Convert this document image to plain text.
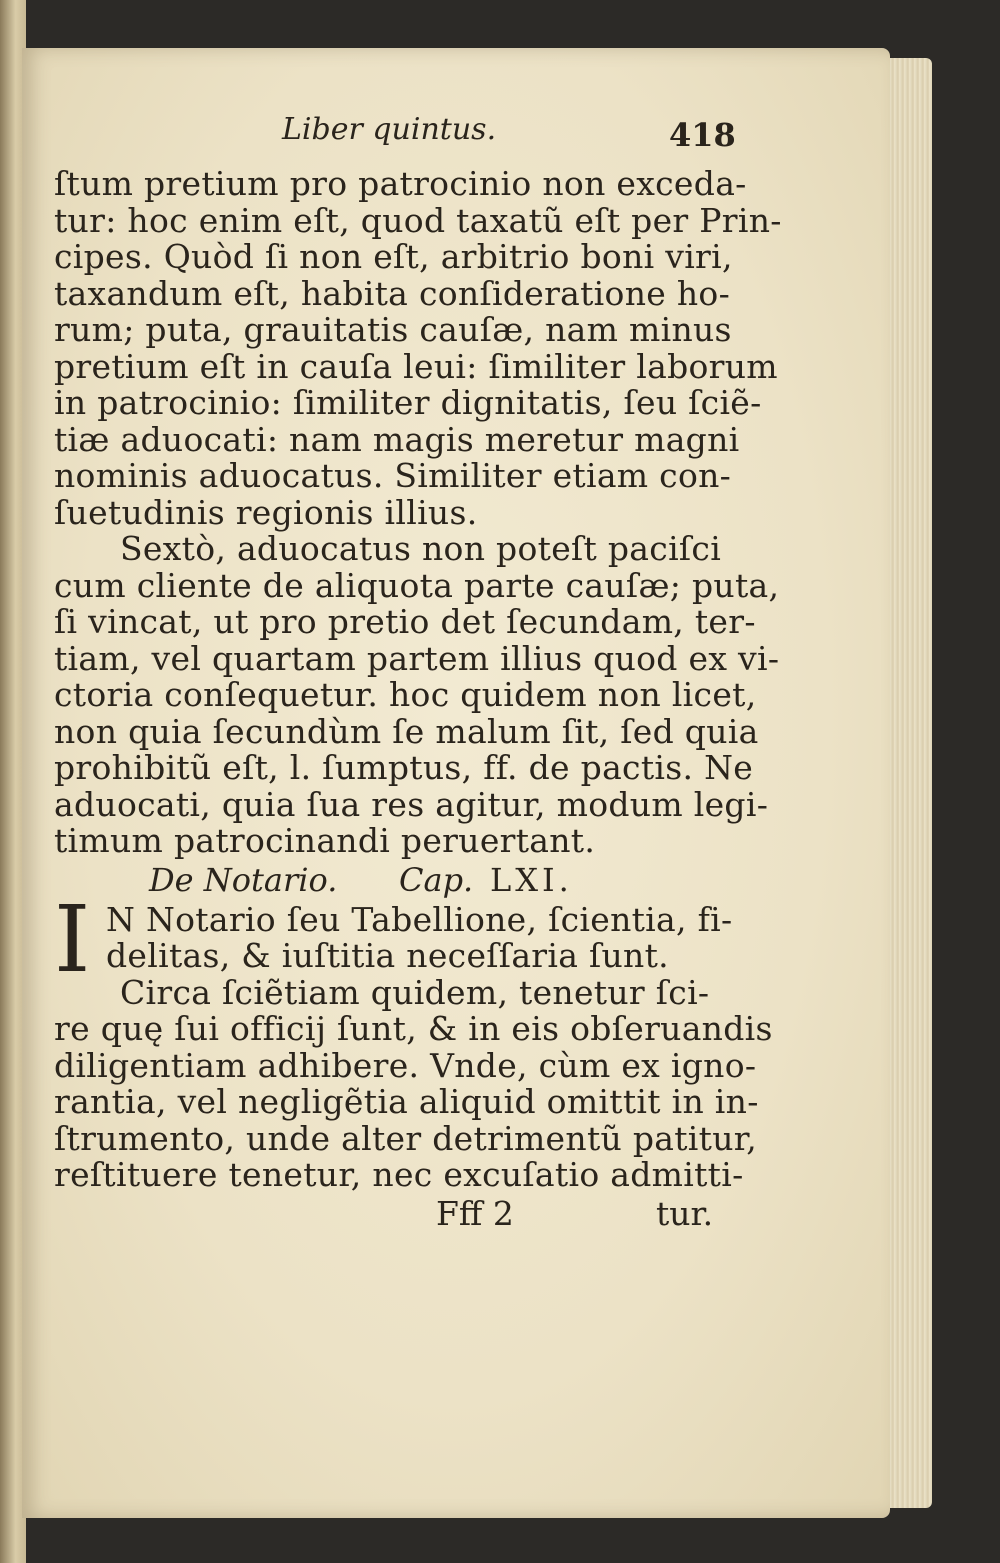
Liber quintus.	418
ſtum pretium pro patrocinio non exceda-
tur: hoc enim eſt, quod taxatũ eſt per Prin-
cipes. Quòd ſi non eſt, arbitrio boni viri,
taxandum eſt, habita conſideratione ho-
rum; puta, grauitatis cauſæ, nam minus
pretium eſt in cauſa leui: ſimiliter laborum
in patrocinio: ſimiliter dignitatis, ſeu ſciẽ-
tiæ aduocati: nam magis meretur magni
nominis aduocatus. Similiter etiam con-
ſuetudinis regionis illius.
Sextò, aduocatus non poteſt paciſci
cum cliente de aliquota parte cauſæ; puta,
ſi vincat, ut pro pretio det ſecundam, ter-
tiam, vel quartam partem illius quod ex vi-
ctoria conſequetur. hoc quidem non licet,
non quia ſecundùm ſe malum ſit, ſed quia
prohibitũ eſt, l. ſumptus, ff. de pactis. Ne
aduocati, quia ſua res agitur, modum legi-
timum patrocinandi peruertant.
De Notario. Cap. LXI.
I N Notario ſeu Tabellione, ſcientia, fi-
delitas, & iuſtitia neceſſaria ſunt.
Circa ſciẽtiam quidem, tenetur ſci-
re quę ſui officij ſunt, & in eis obſeruandis
diligentiam adhibere. Vnde, cùm ex igno-
rantia, vel negligẽtia aliquid omittit in in-
ſtrumento, unde alter detrimentũ patitur,
reſtituere tenetur, nec excuſatio admitti-
Fff 2	tur.
